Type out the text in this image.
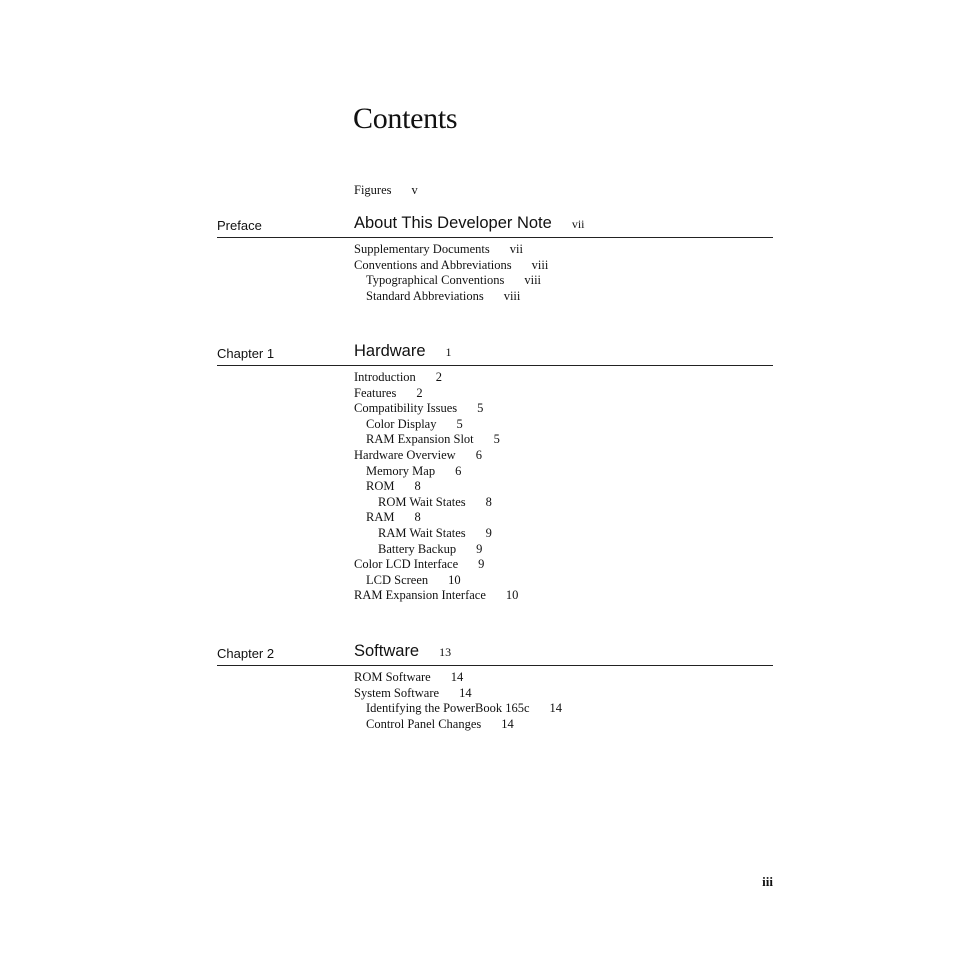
Contents
Figures v
Preface	About This Developer Note vii
Supplementary Documents vii
Conventions and Abbreviations viii
Typographical Conventions viii
Standard Abbreviations viii
Chapter 1	Hardware 1
Introduction 2
Features 2
Compatibility Issues 5
Color Display 5
RAM Expansion Slot 5
Hardware Overview 6
Memory Map 6
ROM 8
ROM Wait States 8
RAM 8
RAM Wait States 9
Battery Backup 9
Color LCD Interface 9
LCD Screen 10
RAM Expansion Interface 10
Chapter 2	Software 13
ROM Software 14
System Software 14
Identifying the PowerBook 165c 14
Control Panel Changes 14
iii
